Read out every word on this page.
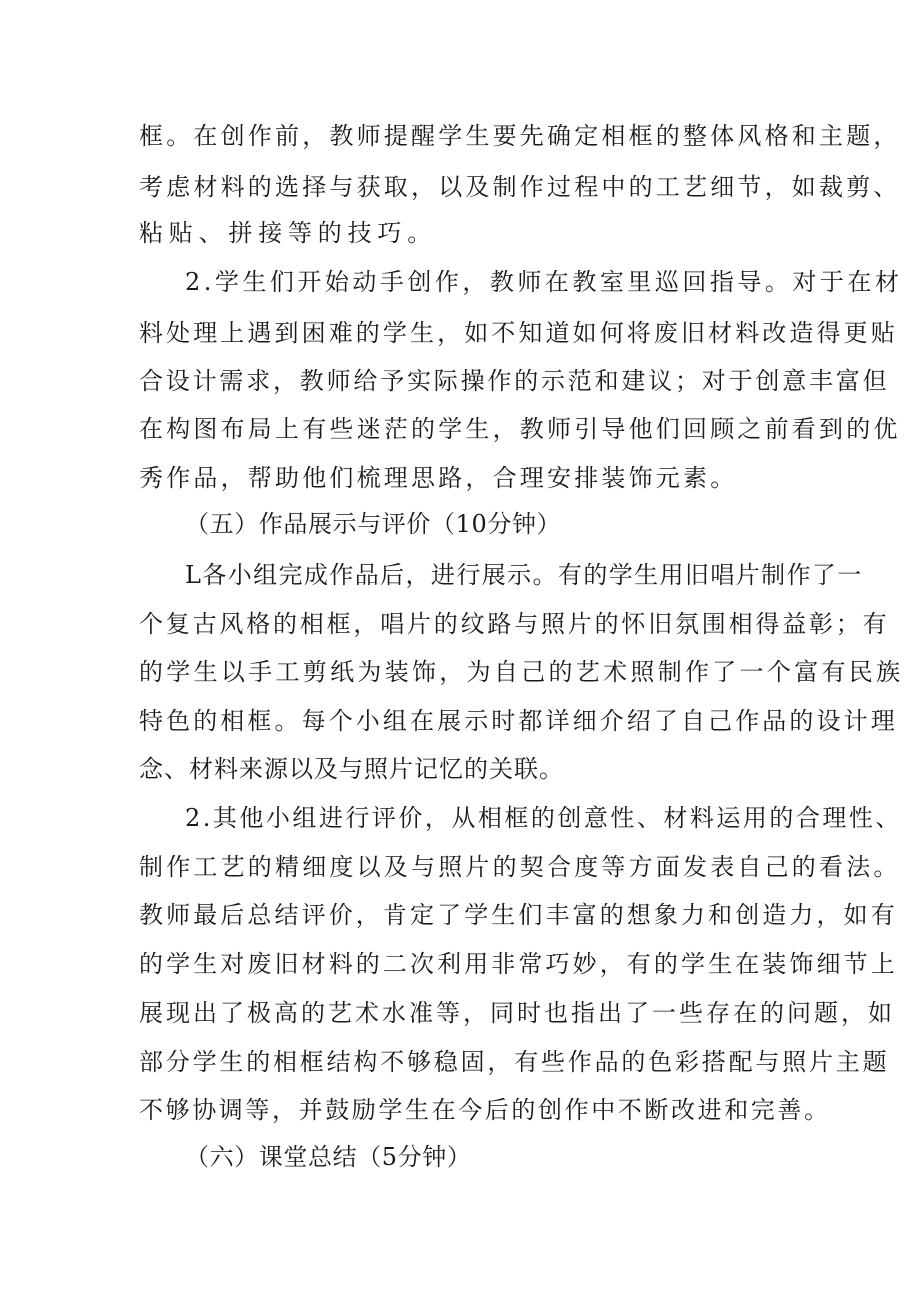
框。在创作前，教师提醒学生要先确定相框的整体风格和主题，
考虑材料的选择与获取，以及制作过程中的工艺细节，如裁剪、
粘贴、拼接等的技巧。
2.学生们开始动手创作，教师在教室里巡回指导。对于在材
料处理上遇到困难的学生，如不知道如何将废旧材料改造得更贴
合设计需求，教师给予实际操作的示范和建议；对于创意丰富但
在构图布局上有些迷茫的学生，教师引导他们回顾之前看到的优
秀作品，帮助他们梳理思路，合理安排装饰元素。
（五）作品展示与评价（10分钟）
L各小组完成作品后，进行展示。有的学生用旧唱片制作了一
个复古风格的相框，唱片的纹路与照片的怀旧氛围相得益彰；有
的学生以手工剪纸为装饰，为自己的艺术照制作了一个富有民族
特色的相框。每个小组在展示时都详细介绍了自己作品的设计理
念、材料来源以及与照片记忆的关联。
2.其他小组进行评价，从相框的创意性、材料运用的合理性、
制作工艺的精细度以及与照片的契合度等方面发表自己的看法。
教师最后总结评价，肯定了学生们丰富的想象力和创造力，如有
的学生对废旧材料的二次利用非常巧妙，有的学生在装饰细节上
展现出了极高的艺术水准等，同时也指出了一些存在的问题，如
部分学生的相框结构不够稳固，有些作品的色彩搭配与照片主题
不够协调等，并鼓励学生在今后的创作中不断改进和完善。
（六）课堂总结（5分钟）
